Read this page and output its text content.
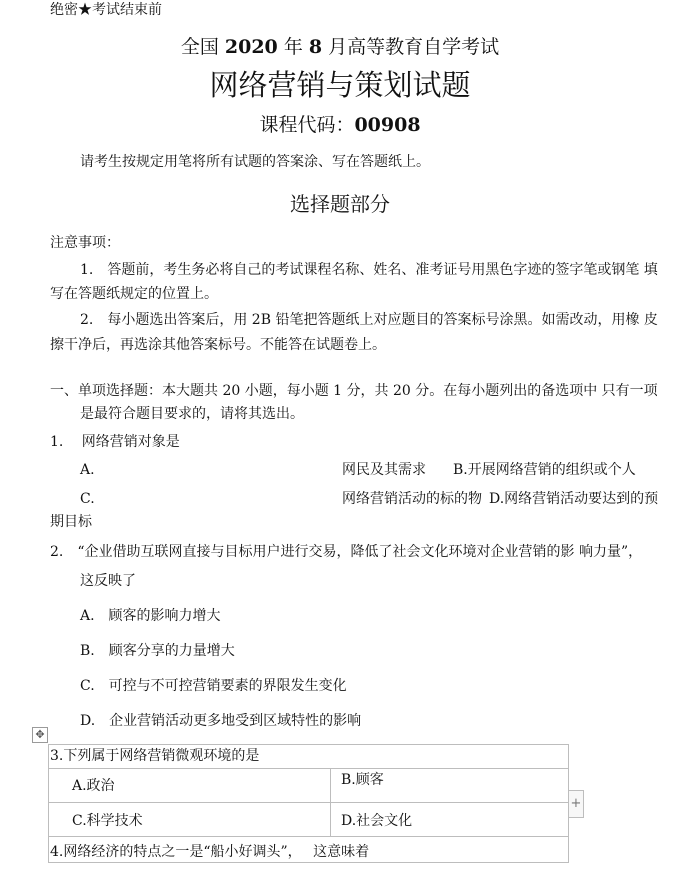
绝密★考试结束前
全国 2020 年 8 月高等教育自学考试
网络营销与策划试题
课程代码：00908
请考生按规定用笔将所有试题的答案涂、写在答题纸上。
选择题部分
注意事项：
1.　答题前，考生务必将自己的考试课程名称、姓名、准考证号用黑色字迹的签字笔或钢笔 填
写在答题纸规定的位置上。
2.　每小题选出答案后，用 2B 铅笔把答题纸上对应题目的答案标号涂黑。如需改动，用橡 皮
擦干净后，再选涂其他答案标号。不能答在试题卷上。
一、单项选择题：本大题共 20 小题，每小题 1 分，共 20 分。在每小题列出的备选项中 只有一项
是最符合题目要求的，请将其选出。
1.　 网络营销对象是
A.	网民及其需求 B.开展网络营销的组织或个人
C.	网络营销活动的标的物 D.网络营销活动要达到的预
期目标
2.　“企业借助互联网直接与目标用户进行交易，降低了社会文化环境对企业营销的影 响力量”，
这反映了
A.　顾客的影响力增大
B.　顾客分享的力量增大
C.　可控与不可控营销要素的界限发生变化
D.　企业营销活动更多地受到区域特性的影响
✥
3.下列属于网络营销微观环境的是
A.政治	B.顾客
C.科学技术	D.社会文化
4.网络经济的特点之一是“船小好调头”，　 这意味着
+
